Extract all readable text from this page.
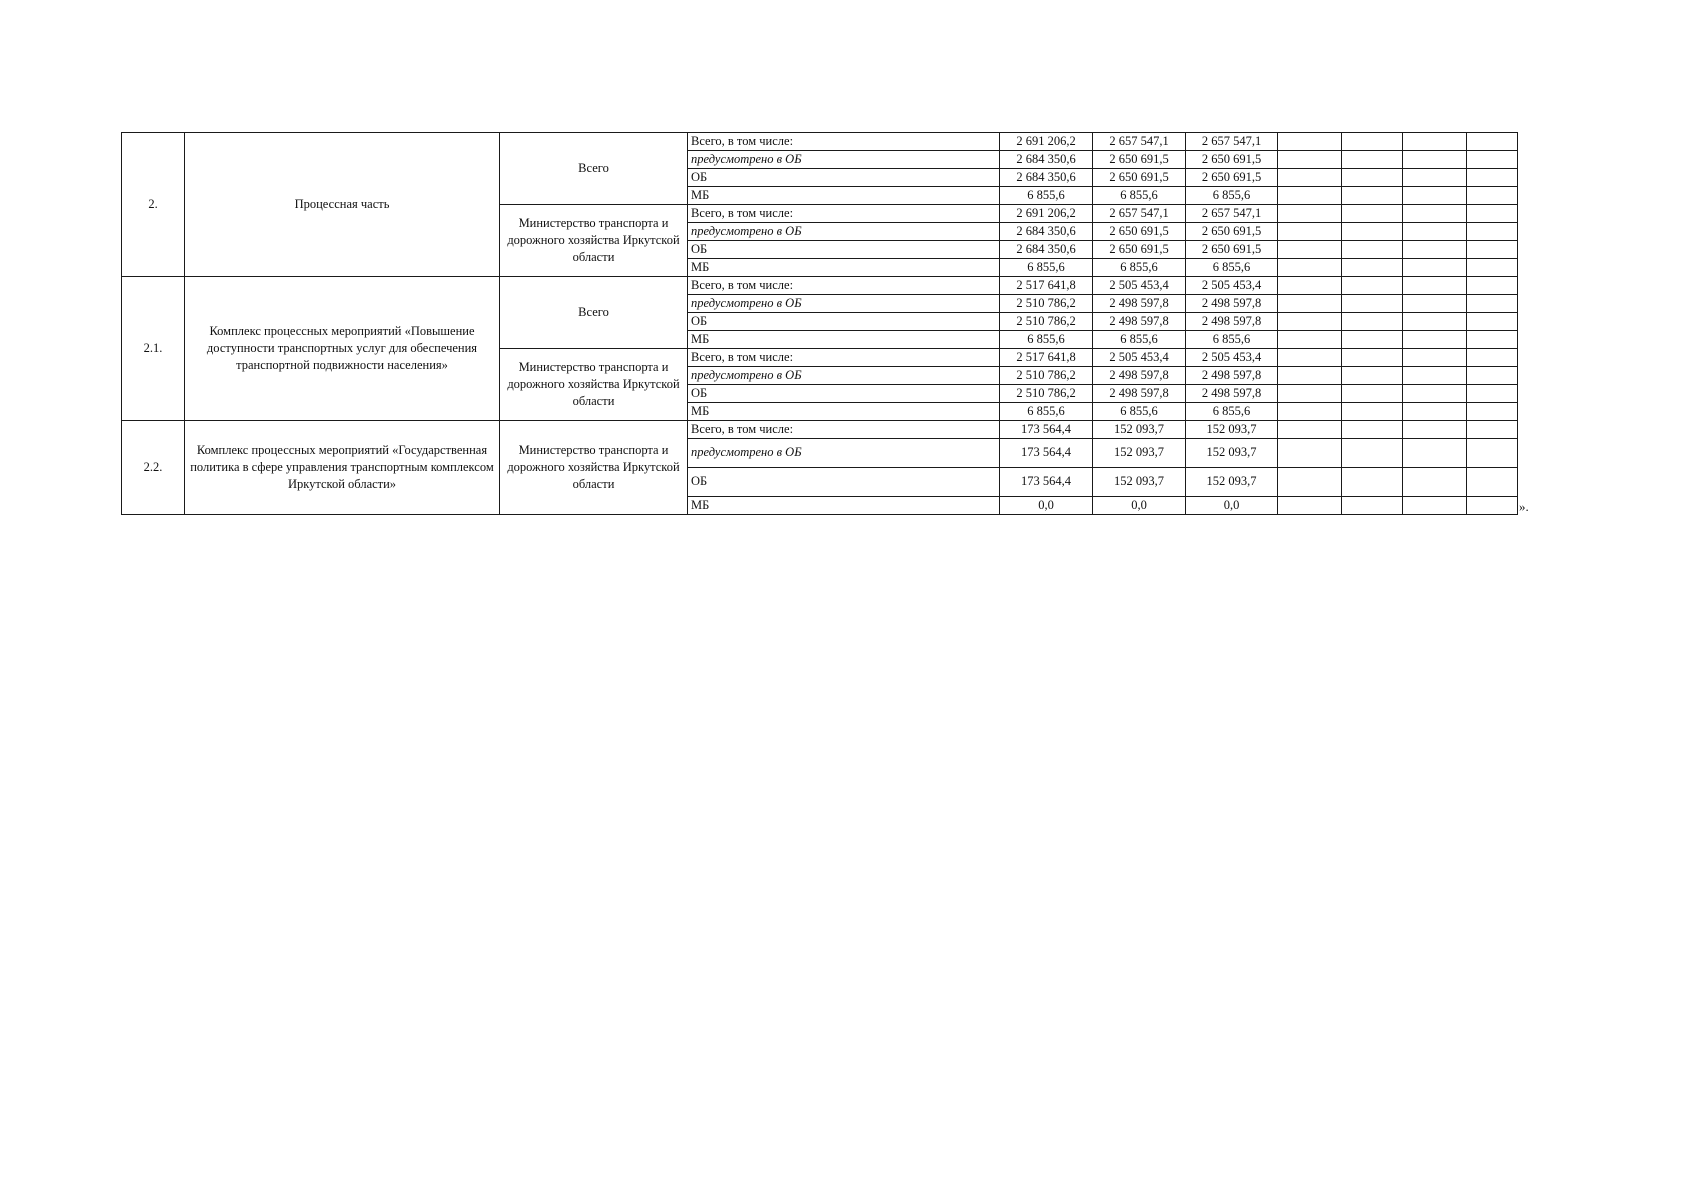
2.	Процессная часть	Всего	Всего, в том числе:	2 691 206,2	2 657 547,1	2 657 547,1				
			предусмотрено в ОБ	2 684 350,6	2 650 691,5	2 650 691,5				
			ОБ	2 684 350,6	2 650 691,5	2 650 691,5				
			МБ	6 855,6	6 855,6	6 855,6				
		Министерство транспорта и дорожного хозяйства Иркутской области	Всего, в том числе:	2 691 206,2	2 657 547,1	2 657 547,1				
			предусмотрено в ОБ	2 684 350,6	2 650 691,5	2 650 691,5				
			ОБ	2 684 350,6	2 650 691,5	2 650 691,5				
			МБ	6 855,6	6 855,6	6 855,6				
2.1.	Комплекс процессных мероприятий «Повышение доступности транспортных услуг для обеспечения транспортной подвижности населения»	Всего	Всего, в том числе:	2 517 641,8	2 505 453,4	2 505 453,4				
			предусмотрено в ОБ	2 510 786,2	2 498 597,8	2 498 597,8				
			ОБ	2 510 786,2	2 498 597,8	2 498 597,8				
			МБ	6 855,6	6 855,6	6 855,6				
		Министерство транспорта и дорожного хозяйства Иркутской области	Всего, в том числе:	2 517 641,8	2 505 453,4	2 505 453,4				
			предусмотрено в ОБ	2 510 786,2	2 498 597,8	2 498 597,8				
			ОБ	2 510 786,2	2 498 597,8	2 498 597,8				
			МБ	6 855,6	6 855,6	6 855,6				
2.2.	Комплекс процессных мероприятий «Государственная политика в сфере управления транспортным комплексом Иркутской области»	Министерство транспорта и дорожного хозяйства Иркутской области	Всего, в том числе:	173 564,4	152 093,7	152 093,7				
			предусмотрено в ОБ	173 564,4	152 093,7	152 093,7				
			ОБ	173 564,4	152 093,7	152 093,7				
			МБ	0,0	0,0	0,0					».
